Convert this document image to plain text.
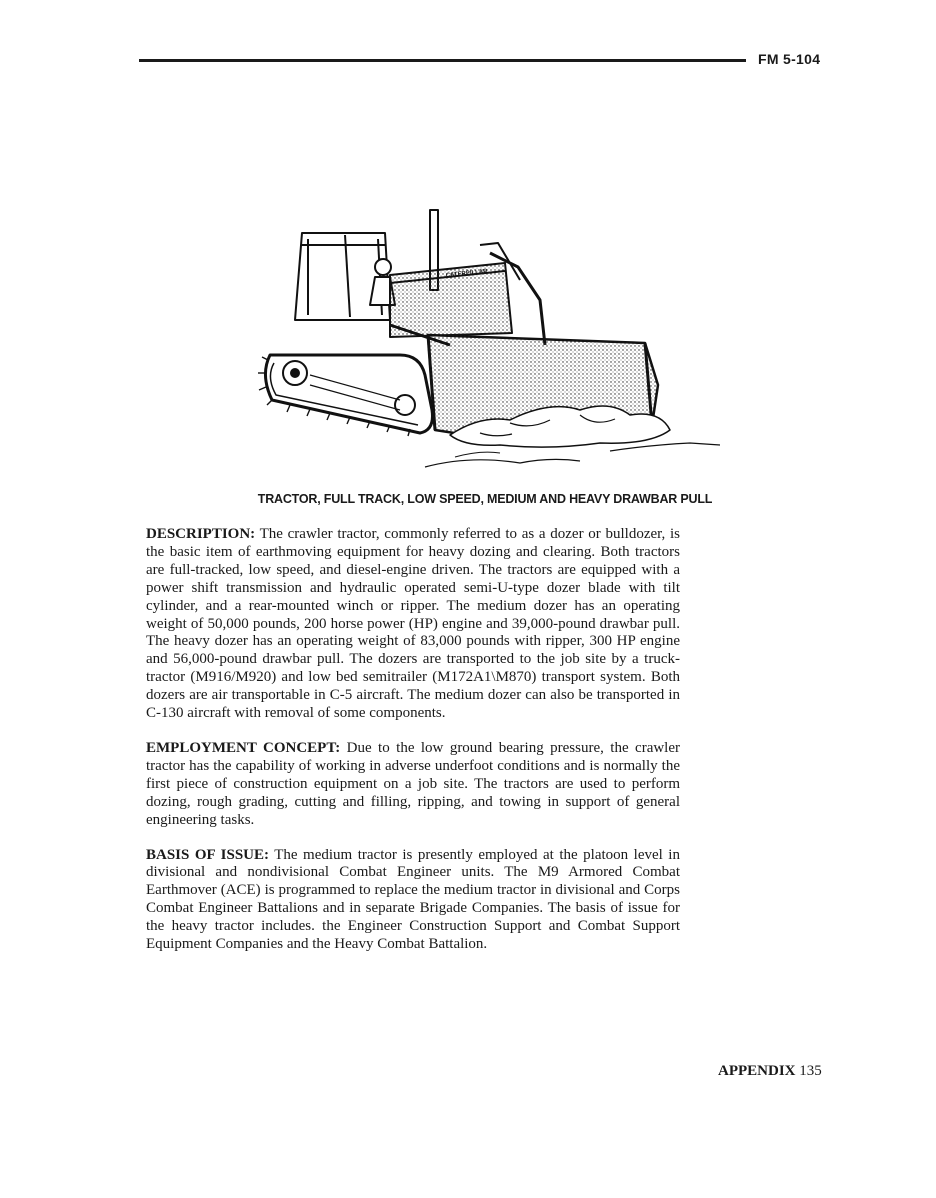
FM 5-104
CATERPILLAR
TRACTOR, FULL TRACK, LOW SPEED, MEDIUM AND HEAVY DRAWBAR PULL

DESCRIPTION: The crawler tractor, commonly referred to as a dozer or bulldozer, is the basic item of earthmoving equipment for heavy dozing and clearing. Both tractors are full-tracked, low speed, and diesel-engine driven. The tractors are equipped with a power shift transmission and hydraulic operated semi-U-type dozer blade with tilt cylinder, and a rear-mounted winch or ripper. The medium dozer has an operating weight of 50,000 pounds, 200 horse power (HP) engine and 39,000-pound drawbar pull. The heavy dozer has an operating weight of 83,000 pounds with ripper, 300 HP engine and 56,000-pound drawbar pull. The dozers are transported to the job site by a truck-tractor (M916/M920) and low bed semitrailer (M172A1\M870) transport system. Both dozers are air transportable in C-5 aircraft. The medium dozer can also be transported in C-130 aircraft with removal of some components.

EMPLOYMENT CONCEPT: Due to the low ground bearing pressure, the crawler tractor has the capability of working in adverse underfoot conditions and is normally the first piece of construction equipment on a job site. The tractors are used to perform dozing, rough grading, cutting and filling, ripping, and towing in support of general engineering tasks.

BASIS OF ISSUE: The medium tractor is presently employed at the platoon level in divisional and nondivisional Combat Engineer units. The M9 Armored Combat Earthmover (ACE) is programmed to replace the medium tractor in divisional and Corps Combat Engineer Battalions and in separate Brigade Companies. The basis of issue for the heavy tractor includes. the Engineer Construction Support and Combat Support Equipment Companies and the Heavy Combat Battalion.

APPENDIX 135
